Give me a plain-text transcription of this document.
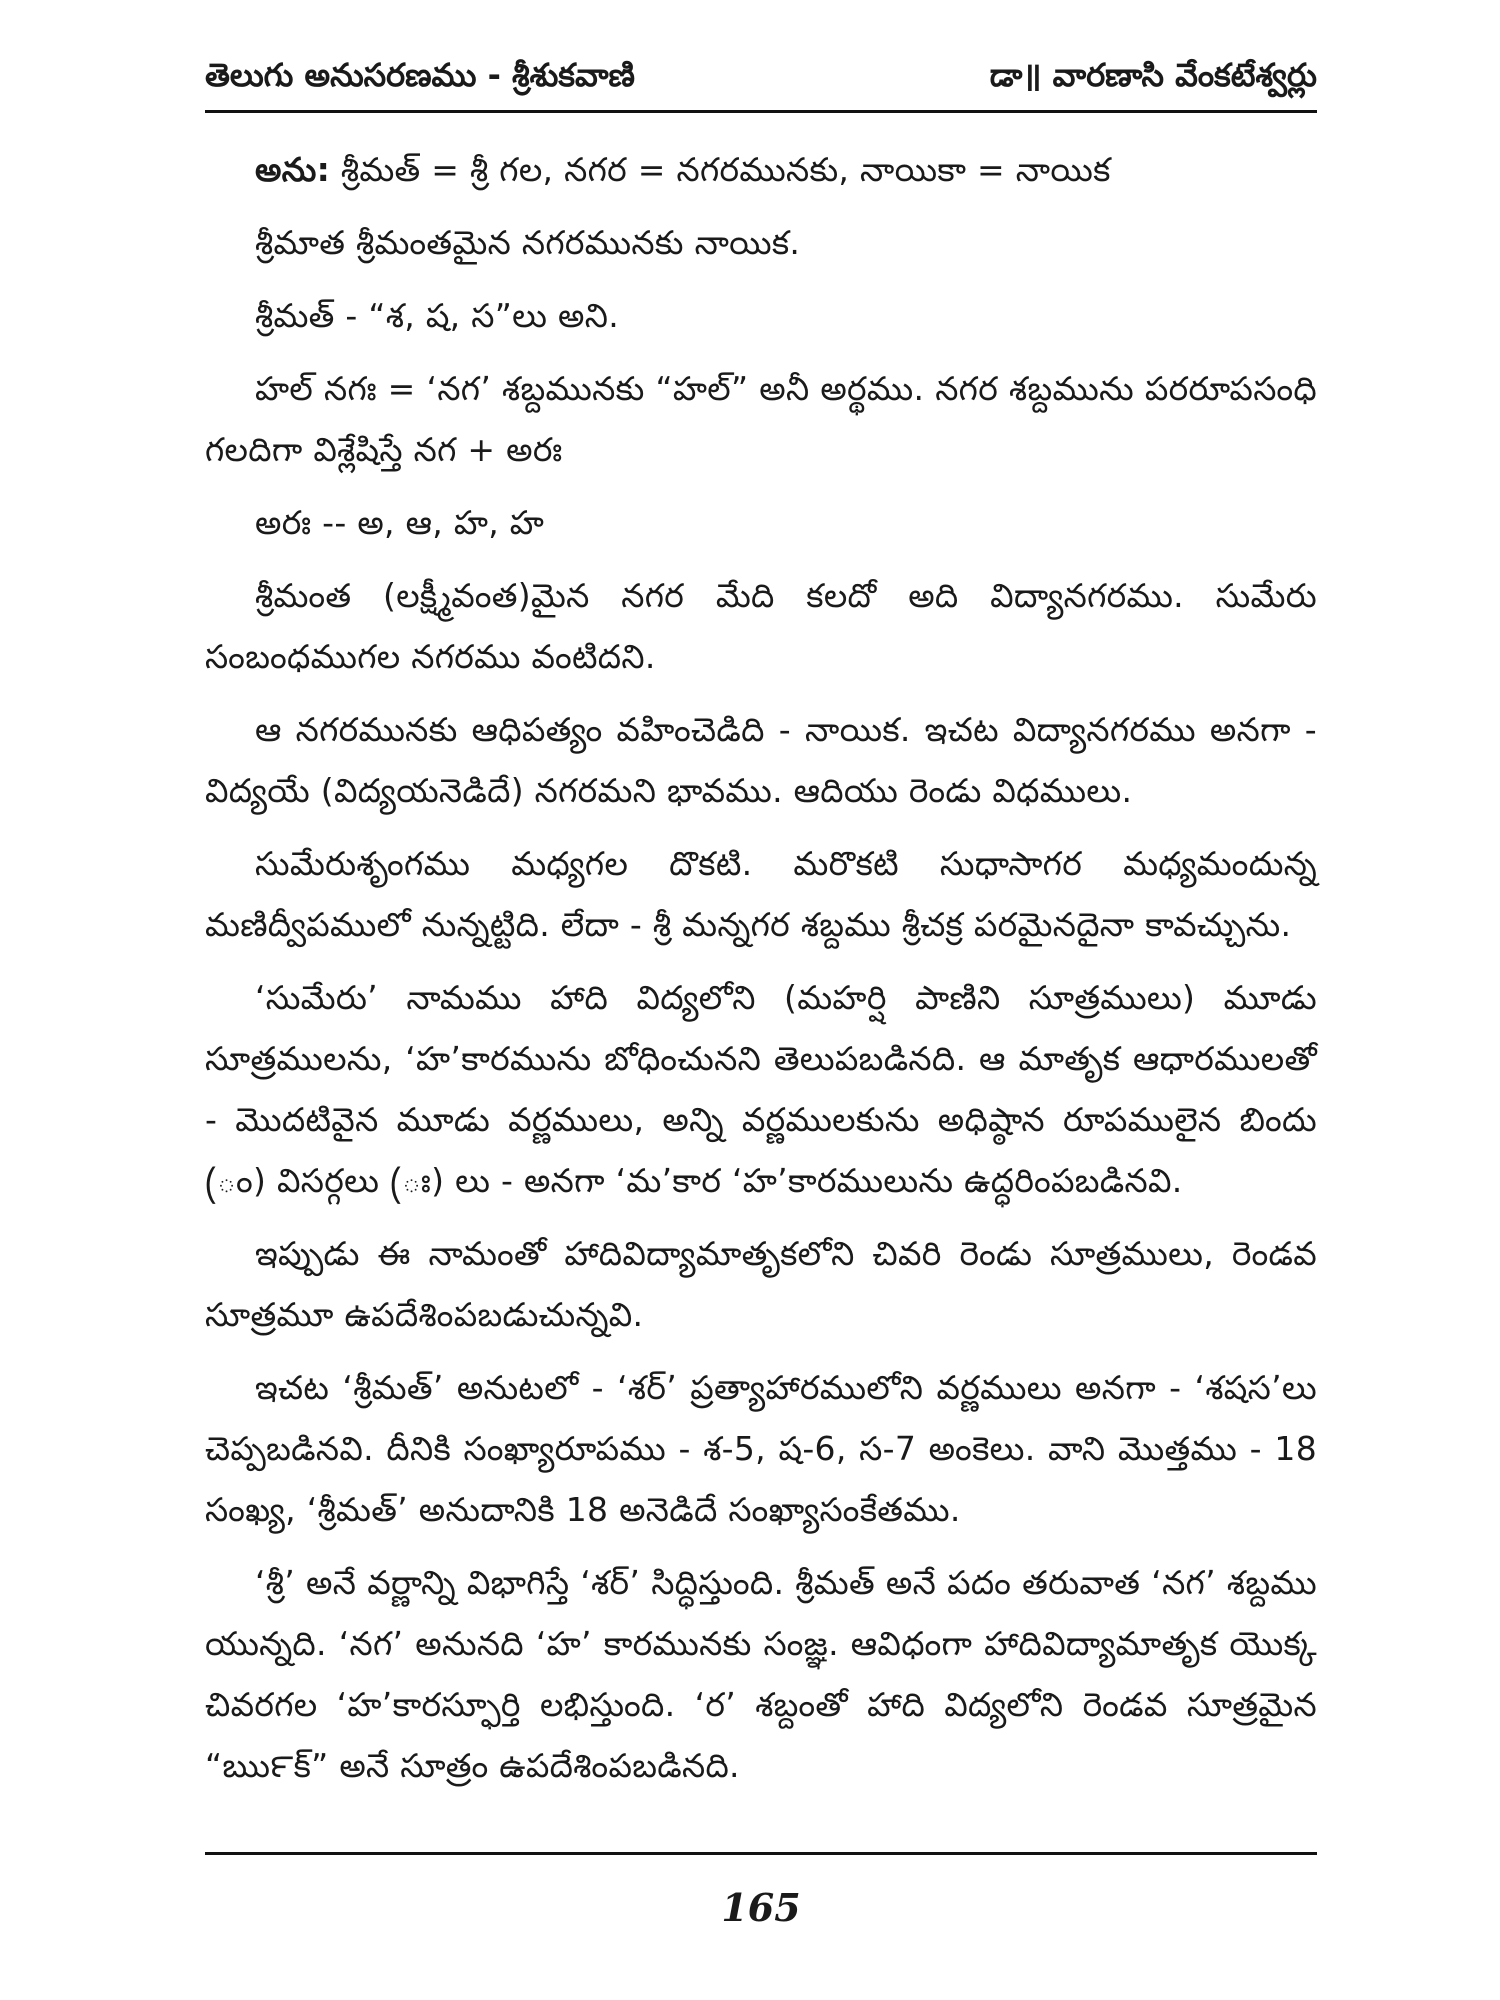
తెలుగు అనుసరణము - శ్రీశుకవాణి	డా॥ వారణాసి వేంకటేశ్వర్లు

అను: శ్రీమత్ = శ్రీ గల, నగర = నగరమునకు, నాయికా = నాయిక

శ్రీమాత శ్రీమంతమైన నగరమునకు నాయిక.

శ్రీమత్ - “శ, ష, స”లు అని.

హల్ నగః = ‘నగ’ శబ్దమునకు “హల్” అనీ అర్థము. నగర శబ్దమును పరరూపసంధి గలదిగా విశ్లేషిస్తే నగ + అరః

అరః -- అ, ఆ, హ, హ

శ్రీమంత (లక్ష్మీవంత)మైన నగర మేది కలదో అది విద్యానగరము. సుమేరు సంబంధముగల నగరము వంటిదని.

ఆ నగరమునకు ఆధిపత్యం వహించెడిది - నాయిక. ఇచట విద్యానగరము అనగా - విద్యయే (విద్యయనెడిదే) నగరమని భావము. ఆదియు రెండు విధములు.

సుమేరుశృంగము మధ్యగల దొకటి. మరొకటి సుధాసాగర మధ్యమందున్న మణిద్వీపములో నున్నట్టిది. లేదా - శ్రీ మన్నగర శబ్దము శ్రీచక్ర పరమైనదైనా కావచ్చును.

‘సుమేరు’ నామము హాది విద్యలోని (మహర్షి పాణిని సూత్రములు) మూడు సూత్రములను, ‘హ’కారమును బోధించునని తెలుపబడినది. ఆ మాతృక ఆధారములతో - మొదటివైన మూడు వర్ణములు, అన్ని వర్ణములకును అధిష్ఠాన రూపములైన బిందు (ం) విసర్గలు (ః) లు - అనగా ‘మ’కార ‘హ’కారములును ఉద్ధరింపబడినవి.

ఇప్పుడు ఈ నామంతో హాదివిద్యామాతృకలోని చివరి రెండు సూత్రములు, రెండవ సూత్రమూ ఉపదేశింపబడుచున్నవి.

ఇచట ‘శ్రీమత్’ అనుటలో - ‘శర్’ ప్రత్యాహారములోని వర్ణములు అనగా - ‘శషస’లు చెప్పబడినవి. దీనికి సంఖ్యారూపము - శ-5, ష-6, స-7 అంకెలు. వాని మొత్తము - 18 సంఖ్య, ‘శ్రీమత్’ అనుదానికి 18 అనెడిదే సంఖ్యాసంకేతము.

‘శ్రీ’ అనే వర్ణాన్ని విభాగిస్తే ‘శర్’ సిద్ధిస్తుంది. శ్రీమత్ అనే పదం తరువాత ‘నగ’ శబ్దము యున్నది. ‘నగ’ అనునది ‘హ’ కారమునకు సంజ్ఞ. ఆవిధంగా హాదివిద్యామాతృక యొక్క చివరగల ‘హ’కారస్ఫూర్తి లభిస్తుంది. ‘ర’ శబ్దంతో హాది విద్యలోని రెండవ సూత్రమైన “ఋ౯క్” అనే సూత్రం ఉపదేశింపబడినది.

165
